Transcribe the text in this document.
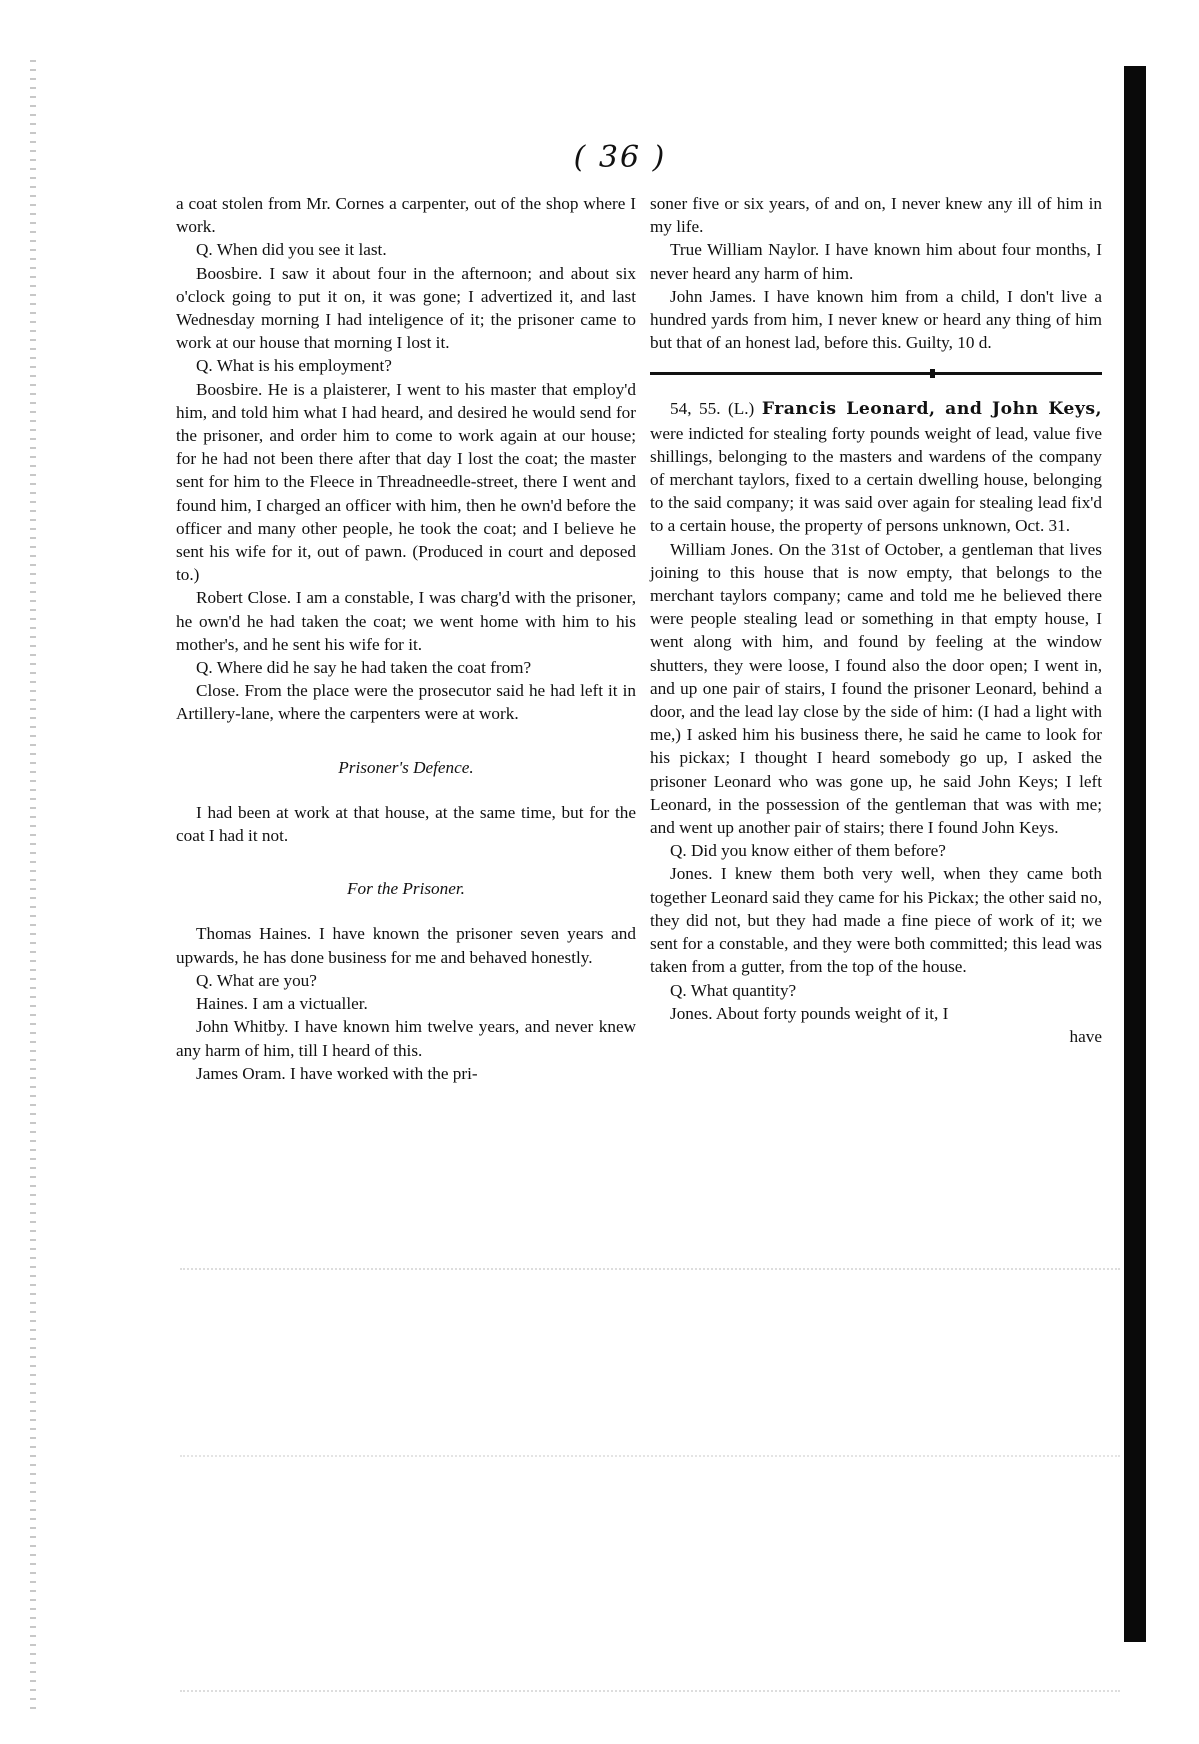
( 36 )

a coat stolen from Mr. Cornes a carpenter, out of the shop where I work.

Q. When did you see it last.

Boosbire. I saw it about four in the afternoon; and about six o'clock going to put it on, it was gone; I advertized it, and last Wednesday morning I had inteligence of it; the prisoner came to work at our house that morning I lost it.

Q. What is his employment?

Boosbire. He is a plaisterer, I went to his master that employ'd him, and told him what I had heard, and desired he would send for the prisoner, and order him to come to work again at our house; for he had not been there after that day I lost the coat; the master sent for him to the Fleece in Threadneedle-street, there I went and found him, I charged an officer with him, then he own'd before the officer and many other people, he took the coat; and I believe he sent his wife for it, out of pawn. (Produced in court and deposed to.)

Robert Close. I am a constable, I was charg'd with the prisoner, he own'd he had taken the coat; we went home with him to his mother's, and he sent his wife for it.

Q. Where did he say he had taken the coat from?

Close. From the place were the prosecutor said he had left it in Artillery-lane, where the carpenters were at work.

Prisoner's Defence.

I had been at work at that house, at the same time, but for the coat I had it not.

For the Prisoner.

Thomas Haines. I have known the prisoner seven years and upwards, he has done business for me and behaved honestly.

Q. What are you?

Haines. I am a victualler.

John Whitby. I have known him twelve years, and never knew any harm of him, till I heard of this.

James Oram. I have worked with the pri-

soner five or six years, of and on, I never knew any ill of him in my life.

True William Naylor. I have known him about four months, I never heard any harm of him.

John James. I have known him from a child, I don't live a hundred yards from him, I never knew or heard any thing of him but that of an honest lad, before this. Guilty, 10 d.

54, 55. (L.) Francis Leonard, and John Keys, were indicted for stealing forty pounds weight of lead, value five shillings, belonging to the masters and wardens of the company of merchant taylors, fixed to a certain dwelling house, belonging to the said company; it was said over again for stealing lead fix'd to a certain house, the property of persons unknown, Oct. 31.

William Jones. On the 31st of October, a gentleman that lives joining to this house that is now empty, that belongs to the merchant taylors company; came and told me he believed there were people stealing lead or something in that empty house, I went along with him, and found by feeling at the window shutters, they were loose, I found also the door open; I went in, and up one pair of stairs, I found the prisoner Leonard, behind a door, and the lead lay close by the side of him: (I had a light with me,) I asked him his business there, he said he came to look for his pickax; I thought I heard somebody go up, I asked the prisoner Leonard who was gone up, he said John Keys; I left Leonard, in the possession of the gentleman that was with me; and went up another pair of stairs; there I found John Keys.

Q. Did you know either of them before?

Jones. I knew them both very well, when they came both together Leonard said they came for his Pickax; the other said no, they did not, but they had made a fine piece of work of it; we sent for a constable, and they were both committed; this lead was taken from a gutter, from the top of the house.

Q. What quantity?

Jones. About forty pounds weight of it, I

have
